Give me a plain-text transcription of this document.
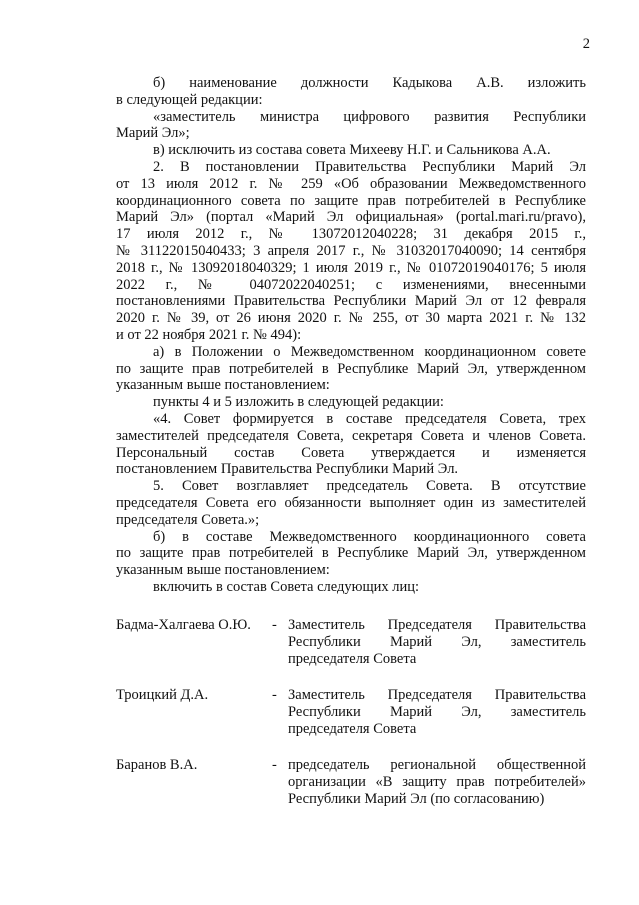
2
б) наименование должности Кадыкова А.В. изложить
в следующей редакции:
«заместитель министра цифрового развития Республики
Марий Эл»;
в) исключить из состава совета Михееву Н.Г. и Сальникова А.А.
2. В постановлении Правительства Республики Марий Эл
от 13 июля 2012 г. № 259 «Об образовании Межведомственного
координационного совета по защите прав потребителей в Республике
Марий Эл» (портал «Марий Эл официальная» (portal.mari.ru/pravo),
17 июля 2012 г., № 13072012040228; 31 декабря 2015 г.,
№ 31122015040433; 3 апреля 2017 г., № 31032017040090; 14 сентября
2018 г., № 13092018040329; 1 июля 2019 г., № 01072019040176; 5 июля
2022 г., № 04072022040251; с изменениями, внесенными
постановлениями Правительства Республики Марий Эл от 12 февраля
2020 г. № 39, от 26 июня 2020 г. № 255, от 30 марта 2021 г. № 132
и от 22 ноября 2021 г. № 494):
а) в Положении о Межведомственном координационном совете
по защите прав потребителей в Республике Марий Эл, утвержденном
указанным выше постановлением:
пункты 4 и 5 изложить в следующей редакции:
«4. Совет формируется в составе председателя Совета, трех
заместителей председателя Совета, секретаря Совета и членов Совета.
Персональный состав Совета утверждается и изменяется
постановлением Правительства Республики Марий Эл.
5. Совет возглавляет председатель Совета. В отсутствие
председателя Совета его обязанности выполняет один из заместителей
председателя Совета.»;
б) в составе Межведомственного координационного совета
по защите прав потребителей в Республике Марий Эл, утвержденном
указанным выше постановлением:
включить в состав Совета следующих лиц:
Бадма-Халгаева О.Ю. - Заместитель Председателя Правительства
Республики Марий Эл, заместитель
председателя Совета
Троицкий Д.А.	- Заместитель Председателя Правительства
Республики Марий Эл, заместитель
председателя Совета
Баранов В.А.	- председатель региональной общественной
организации «В защиту прав потребителей»
Республики Марий Эл (по согласованию)
